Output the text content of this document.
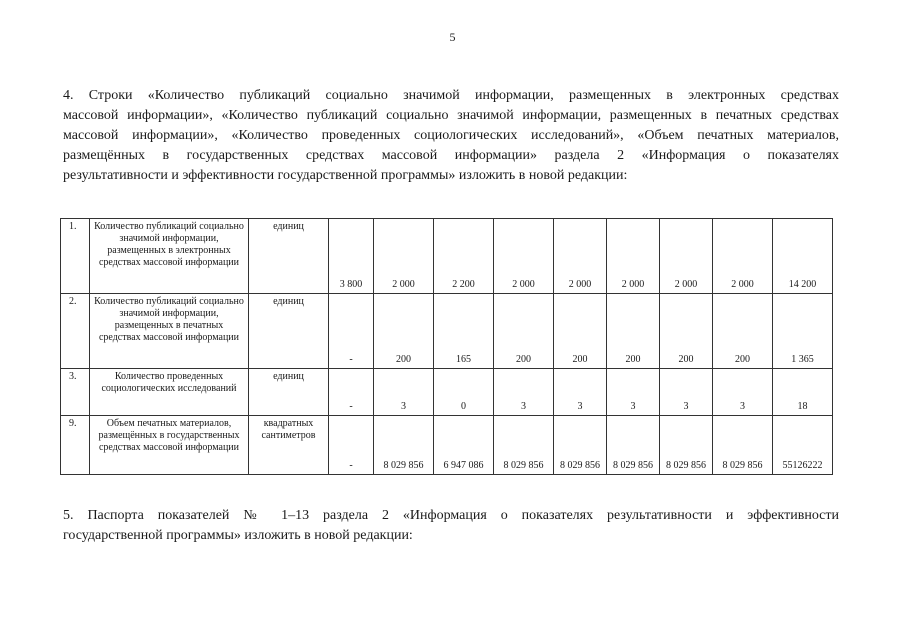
5
4. Строки «Количество публикаций социально значимой информации, размещенных в электронных средствах
массовой информации», «Количество публикаций социально значимой информации, размещенных в печатных средствах
массовой информации», «Количество проведенных социологических исследований», «Объем печатных материалов,
размещённых в государственных средствах массовой информации» раздела 2 «Информация о показателях
результативности и эффективности государственной программы» изложить в новой редакции:
1.	Количество публикаций социально значимой информации, размещенных в электронных средствах массовой информации	единиц	3 800	2 000	2 200	2 000	2 000	2 000	2 000	2 000	14 200
2.	Количество публикаций социально значимой информации, размещенных в печатных средствах массовой информации	единиц	-	200	165	200	200	200	200	200	1 365
3.	Количество проведенных социологических исследований	единиц	-	3	0	3	3	3	3	3	18
9.	Объем печатных материалов, размещённых в государственных средствах массовой информации	квадратных сантиметров	-	8 029 856	6 947 086	8 029 856	8 029 856	8 029 856	8 029 856	8 029 856	55126222
5. Паспорта показателей № 1–13 раздела 2 «Информация о показателях результативности и эффективности
государственной программы» изложить в новой редакции:
